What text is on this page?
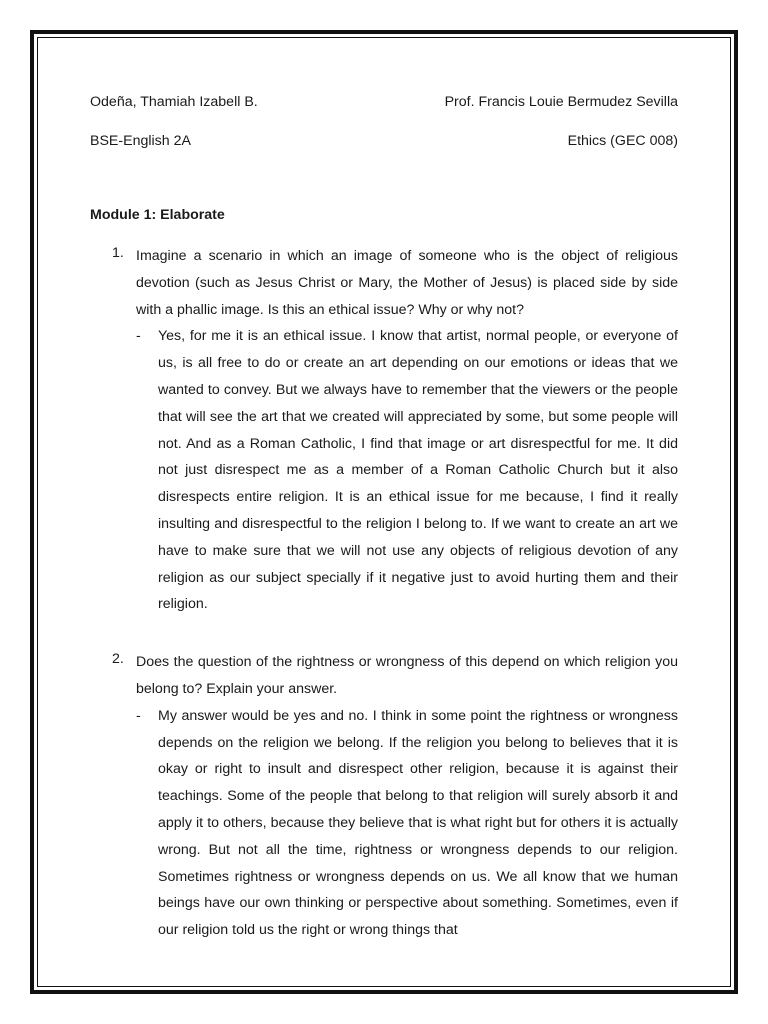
Odeña, Thamiah Izabell B.	Prof. Francis Louie Bermudez Sevilla
BSE-English 2A	Ethics (GEC 008)
Module 1: Elaborate
1. Imagine a scenario in which an image of someone who is the object of religious devotion (such as Jesus Christ or Mary, the Mother of Jesus) is placed side by side with a phallic image. Is this an ethical issue? Why or why not?
- Yes, for me it is an ethical issue. I know that artist, normal people, or everyone of us, is all free to do or create an art depending on our emotions or ideas that we wanted to convey. But we always have to remember that the viewers or the people that will see the art that we created will appreciated by some, but some people will not. And as a Roman Catholic, I find that image or art disrespectful for me. It did not just disrespect me as a member of a Roman Catholic Church but it also disrespects entire religion. It is an ethical issue for me because, I find it really insulting and disrespectful to the religion I belong to. If we want to create an art we have to make sure that we will not use any objects of religious devotion of any religion as our subject specially if it negative just to avoid hurting them and their religion.
2. Does the question of the rightness or wrongness of this depend on which religion you belong to? Explain your answer.
- My answer would be yes and no. I think in some point the rightness or wrongness depends on the religion we belong. If the religion you belong to believes that it is okay or right to insult and disrespect other religion, because it is against their teachings. Some of the people that belong to that religion will surely absorb it and apply it to others, because they believe that is what right but for others it is actually wrong. But not all the time, rightness or wrongness depends to our religion. Sometimes rightness or wrongness depends on us. We all know that we human beings have our own thinking or perspective about something. Sometimes, even if our religion told us the right or wrong things that
